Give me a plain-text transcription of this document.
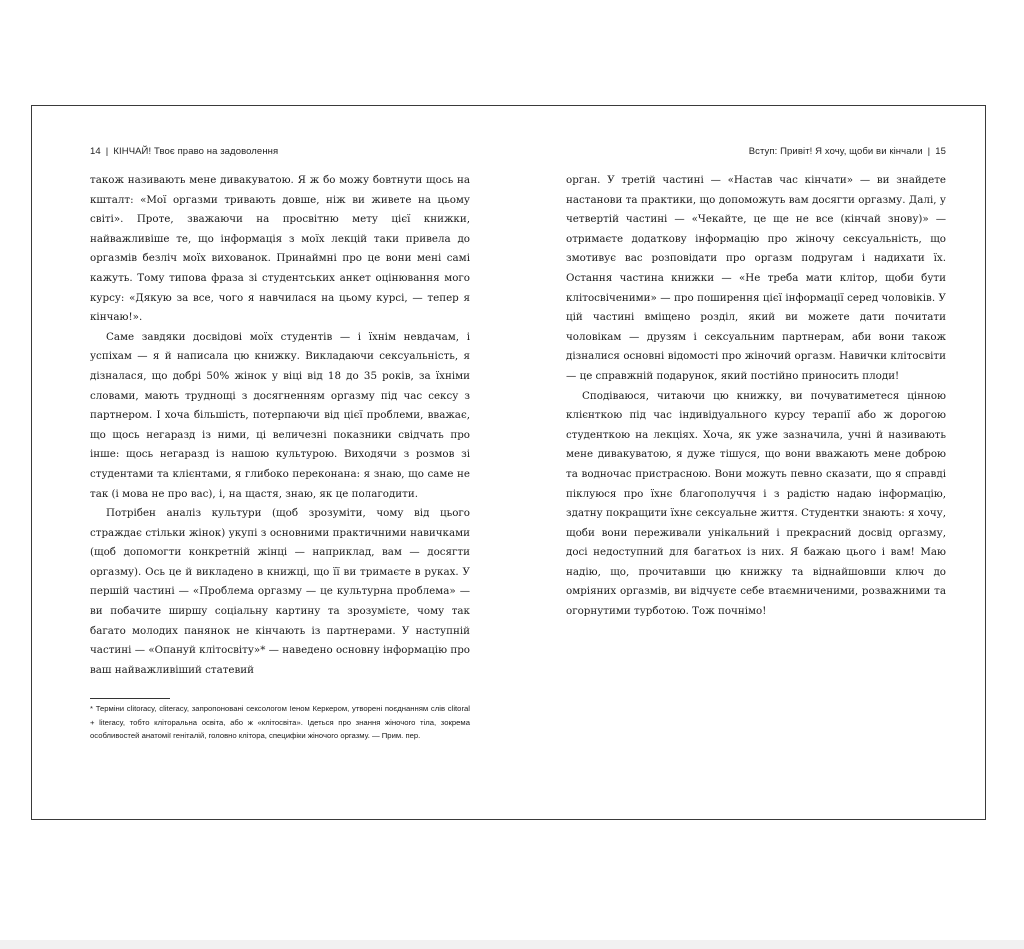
14 | КІНЧАЙ! Твоє право на задоволення

також називають мене дивакуватою. Я ж бо можу бовтнути щось на кшталт: «Мої оргазми тривають довше, ніж ви живете на цьому світі». Проте, зважаючи на просвітню мету цієї книжки, найважливіше те, що інформація з моїх лекцій таки привела до оргазмів безліч моїх вихованок. Принаймні про це вони мені самі кажуть. Тому типова фраза зі студентських анкет оцінювання мого курсу: «Дякую за все, чого я навчилася на цьому курсі, — тепер я кінчаю!».

Саме завдяки досвідові моїх студентів — і їхнім невдачам, і успіхам — я й написала цю книжку. Викладаючи сексуальність, я дізналася, що добрі 50% жінок у віці від 18 до 35 років, за їхніми словами, мають труднощі з досягненням оргазму під час сексу з партнером. І хоча більшість, потерпаючи від цієї проблеми, вважає, що щось негаразд із ними, ці величезні показники свідчать про інше: щось негаразд із нашою культурою. Виходячи з розмов зі студентами та клієнтами, я глибоко переконана: я знаю, що саме не так (і мова не про вас), і, на щастя, знаю, як це полагодити.

Потрібен аналіз культури (щоб зрозуміти, чому від цього страждає стільки жінок) укупі з основними практичними навичками (щоб допомогти конкретній жінці — наприклад, вам — досягти оргазму). Ось це й викладено в книжці, що її ви тримаєте в руках. У першій частині — «Проблема оргазму — це культурна проблема» — ви побачите ширшу соціальну картину та зрозумієте, чому так багато молодих панянок не кінчають із партнерами. У наступній частині — «Опануй клітосвіту»* — наведено основну інформацію про ваш найважливіший статевий

* Терміни clitoracy, cliteracy, запропоновані сексологом Іеном Керкером, утворені поєднанням слів clitoral + literacy, тобто кліторальна освіта, або ж «клітосвіта». Ідеться про знання жіночого тіла, зокрема особливостей анатомії геніталій, головно клітора, специфіки жіночого оргазму. — Прим. пер.
Вступ: Привіт! Я хочу, щоби ви кінчали | 15

орган. У третій частині — «Настав час кінчати» — ви знайдете настанови та практики, що допоможуть вам досягти оргазму. Далі, у четвертій частині — «Чекайте, це ще не все (кінчай знову)» — отримаєте додаткову інформацію про жіночу сексуальність, що змотивує вас розповідати про оргазм подругам і надихати їх. Остання частина книжки — «Не треба мати клітор, щоби бути клітосвіченими» — про поширення цієї інформації серед чоловіків. У цій частині вміщено розділ, який ви можете дати почитати чоловікам — друзям і сексуальним партнерам, аби вони також дізналися основні відомості про жіночий оргазм. Навички клітосвіти — це справжній подарунок, який постійно приносить плоди!

Сподіваюся, читаючи цю книжку, ви почуватиметеся цінною клієнткою під час індивідуального курсу терапії або ж дорогою студенткою на лекціях. Хоча, як уже зазначила, учні й називають мене дивакуватою, я дуже тішуся, що вони вважають мене доброю та водночас пристрасною. Вони можуть певно сказати, що я справді піклуюся про їхнє благополуччя і з радістю надаю інформацію, здатну покращити їхнє сексуальне життя. Студентки знають: я хочу, щоби вони переживали унікальний і прекрасний досвід оргазму, досі недоступний для багатьох із них. Я бажаю цього і вам! Маю надію, що, прочитавши цю книжку та віднайшовши ключ до омріяних оргазмів, ви відчуєте себе втаємниченими, розважними та огорнутими турботою. Тож почнімо!
